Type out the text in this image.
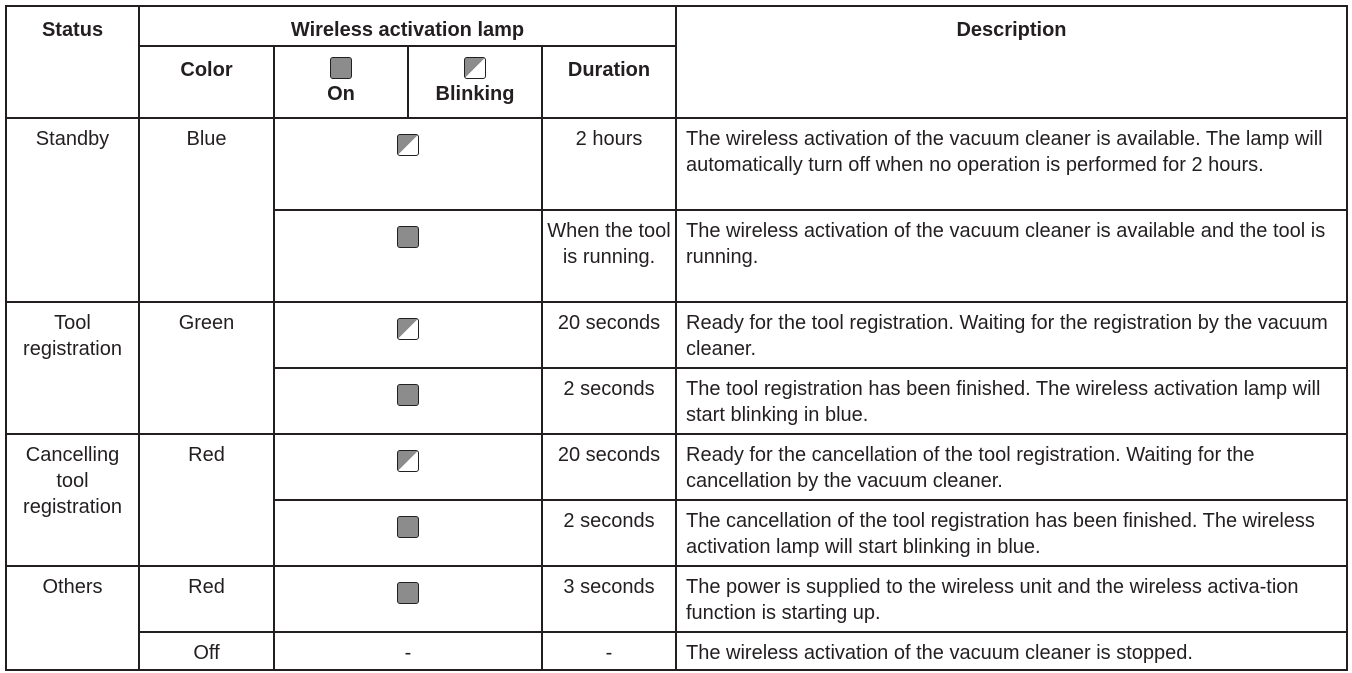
Status	Wireless activation lamp				Description
	Color	On	Blinking	Duration	
Standby	Blue			2 hours	The wireless activation of the vacuum cleaner is available. The lamp will automatically turn off when no operation is performed for 2 hours.
				When the tool is running.	The wireless activation of the vacuum cleaner is available and the tool is running.
Tool registration	Green			20 seconds	Ready for the tool registration. Waiting for the registration by the vacuum cleaner.
				2 seconds	The tool registration has been finished. The wireless activation lamp will start blinking in blue.
Cancelling tool registration	Red			20 seconds	Ready for the cancellation of the tool registration. Waiting for the cancellation by the vacuum cleaner.
				2 seconds	The cancellation of the tool registration has been finished. The wireless activation lamp will start blinking in blue.
Others	Red			3 seconds	The power is supplied to the wireless unit and the wireless activa-tion function is starting up.
	Off	-		-	The wireless activation of the vacuum cleaner is stopped.
